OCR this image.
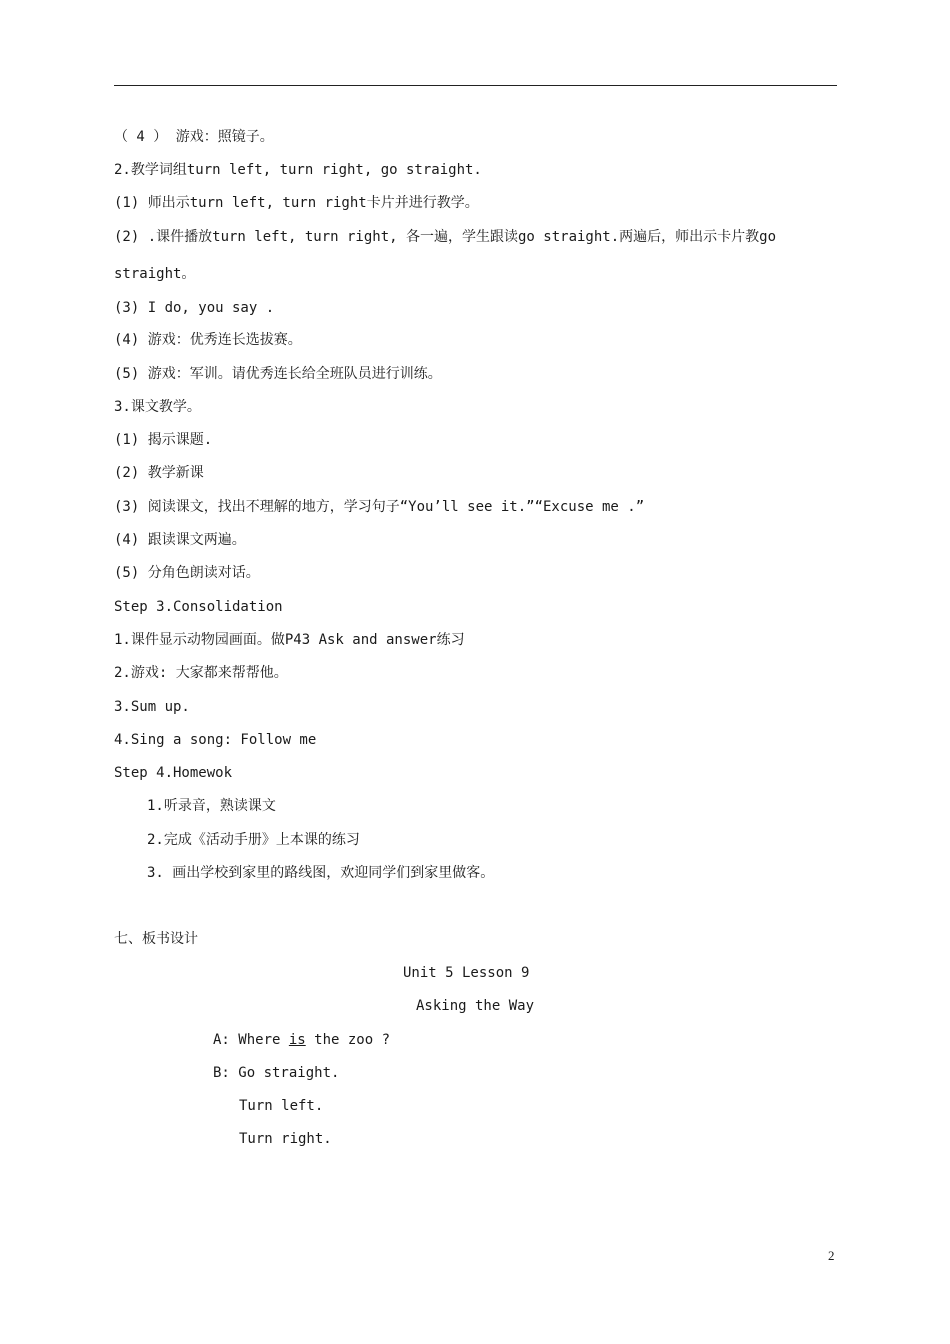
（ 4 ） 游戏：照镜子。
2.教学词组turn left, turn right, go straight.
(1) 师出示turn left, turn right卡片并进行教学。
(2) .课件播放turn left, turn right, 各一遍，学生跟读go straight.两遍后，师出示卡片教go
straight。
(3) I do, you say .
(4) 游戏：优秀连长选拔赛。
(5) 游戏：军训。请优秀连长给全班队员进行训练。
3.课文教学。
(1) 揭示课题.
(2) 教学新课
(3) 阅读课文，找出不理解的地方，学习句子“You’ll see it.”“Excuse me .”
(4) 跟读课文两遍。
(5) 分角色朗读对话。
Step 3.Consolidation
1.课件显示动物园画面。做P43 Ask and answer练习
2.游戏: 大家都来帮帮他。
3.Sum up.
4.Sing a song: Follow me
Step 4.Homewok
1.听录音，熟读课文
2.完成《活动手册》上本课的练习
3. 画出学校到家里的路线图，欢迎同学们到家里做客。
七、板书设计
Unit 5 Lesson 9
Asking the Way
A: Where is the zoo ?
B: Go straight.
Turn left.
Turn right.
2
